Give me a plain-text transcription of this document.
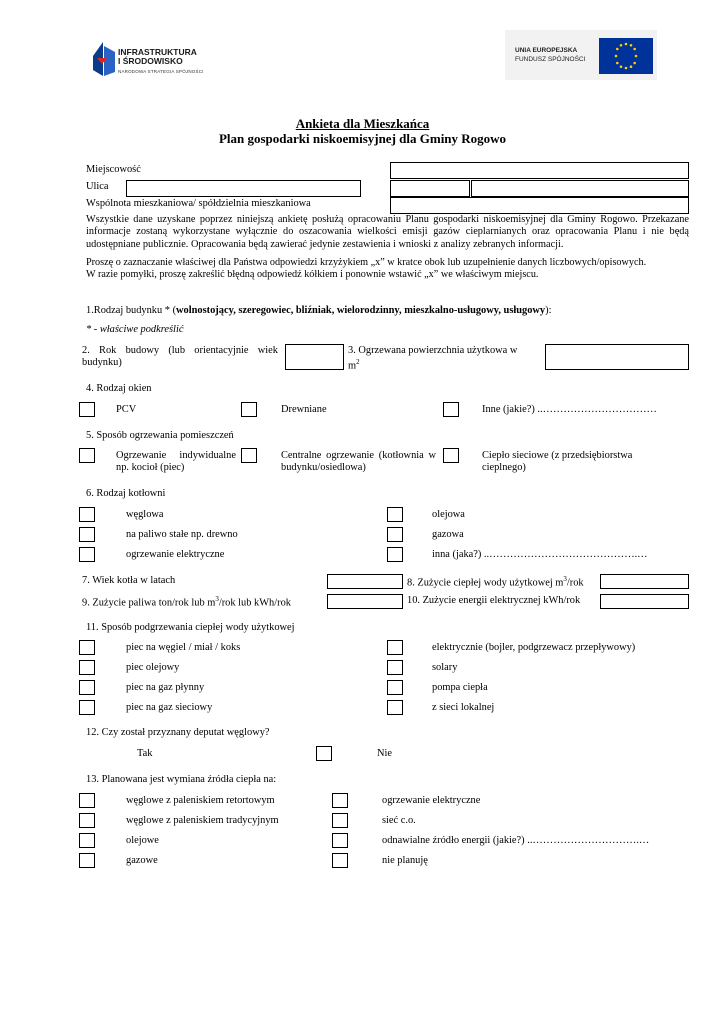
INFRASTRUKTURA
I ŚRODOWISKO
NARODOWA STRATEGIA SPÓJNOŚCI
UNIA EUROPEJSKA
FUNDUSZ SPÓJNOŚCI
Ankieta dla Mieszkańca
Plan gospodarki niskoemisyjnej dla Gminy Rogowo
Miejscowość
Ulica
Wspólnota mieszkaniowa/ spółdzielnia mieszkaniowa
Wszystkie dane uzyskane poprzez niniejszą ankietę posłużą opracowaniu Planu gospodarki niskoemisyjnej dla Gminy Rogowo. Przekazane informacje zostaną wykorzystane wyłącznie do oszacowania wielkości emisji gazów cieplarnianych oraz opracowania Planu i nie będą udostępniane publicznie. Opracowania będą zawierać jedynie zestawienia i wnioski z analizy zebranych informacji.
Proszę o zaznaczanie właściwej dla Państwa odpowiedzi krzyżykiem „x” w kratce obok lub uzupełnienie danych liczbowych/opisowych.
W razie pomyłki, proszę zakreślić błędną odpowiedź kółkiem i ponownie wstawić „x” we właściwym miejscu.
1.Rodzaj budynku * (wolnostojący, szeregowiec, bliźniak, wielorodzinny, mieszkalno-usługowy, usługowy):
* - właściwe podkreślić
2. Rok budowy (lub orientacyjnie wiek budynku)
3. Ogrzewana powierzchnia użytkowa w
$m^2$
4. Rodzaj okien
PCV	Drewniane	Inne (jakie?) ..……………………………
5. Sposób ogrzewania pomieszczeń
Ogrzewanie indywidualne np. kocioł (piec)
Centralne ogrzewanie (kotłownia w budynku/osiedlowa)
Ciepło sieciowe (z przedsiębiorstwa cieplnego)
6. Rodzaj kotłowni
węglowa	olejowa
na paliwo stałe np. drewno	gazowa
ogrzewanie elektryczne	inna (jaka?) ..…………………………………….…
7. Wiek kotła w latach	8. Zużycie ciepłej wody użytkowej $m^3$/rok
9. Zużycie paliwa ton/rok lub $m^3$/rok lub kWh/rok	10. Zużycie energii elektrycznej kWh/rok
11. Sposób podgrzewania ciepłej wody użytkowej
piec na węgiel / miał / koks	elektrycznie (bojler, podgrzewacz przepływowy)
piec olejowy	solary
piec na gaz płynny	pompa ciepła
piec na gaz sieciowy	z sieci lokalnej
12. Czy został przyznany deputat węglowy?
Tak	Nie
13. Planowana jest wymiana źródła ciepła na:
węglowe z paleniskiem retortowym	ogrzewanie elektryczne
węglowe z paleniskiem tradycyjnym	sieć c.o.
olejowe	odnawialne źródło energii (jakie?) ..………………………….…
gazowe	nie planuję
